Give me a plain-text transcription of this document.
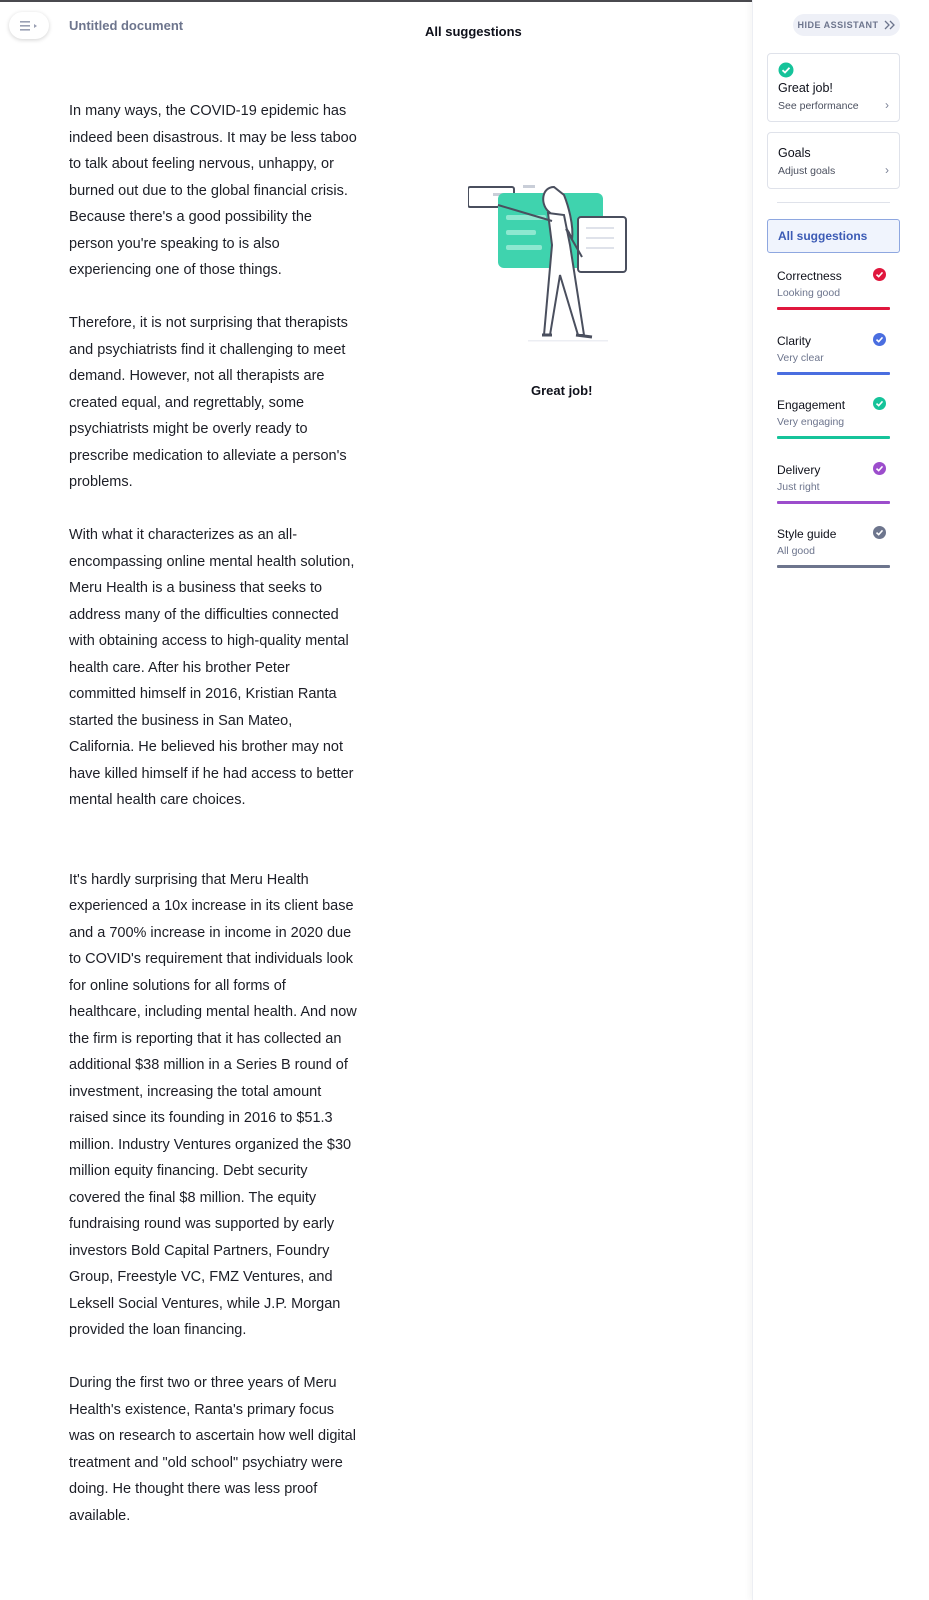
Untitled document	All suggestions

In many ways, the COVID-19 epidemic has indeed been disastrous. It may be less taboo to talk about feeling nervous, unhappy, or burned out due to the global financial crisis. Because there's a good possibility the person you're speaking to is also experiencing one of those things.

Therefore, it is not surprising that therapists and psychiatrists find it challenging to meet demand. However, not all therapists are created equal, and regrettably, some psychiatrists might be overly ready to prescribe medication to alleviate a person's problems.

With what it characterizes as an all-encompassing online mental health solution, Meru Health is a business that seeks to address many of the difficulties connected with obtaining access to high-quality mental health care. After his brother Peter committed himself in 2016, Kristian Ranta started the business in San Mateo, California. He believed his brother may not have killed himself if he had access to better mental health care choices.

It's hardly surprising that Meru Health experienced a 10x increase in its client base and a 700% increase in income in 2020 due to COVID's requirement that individuals look for online solutions for all forms of healthcare, including mental health. And now the firm is reporting that it has collected an additional $38 million in a Series B round of investment, increasing the total amount raised since its founding in 2016 to $51.3 million. Industry Ventures organized the $30 million equity financing. Debt security covered the final $8 million. The equity fundraising round was supported by early investors Bold Capital Partners, Foundry Group, Freestyle VC, FMZ Ventures, and Leksell Social Ventures, while J.P. Morgan provided the loan financing.

During the first two or three years of Meru Health's existence, Ranta's primary focus was on research to ascertain how well digital treatment and "old school" psychiatry were doing. He thought there was less proof available.

Great job!
HIDE ASSISTANT
Great job!
See performance ›
Goals
Adjust goals	›
All suggestions
Correctness
Looking good
Clarity
Very clear
Engagement
Very engaging
Delivery
Just right
Style guide
All good
